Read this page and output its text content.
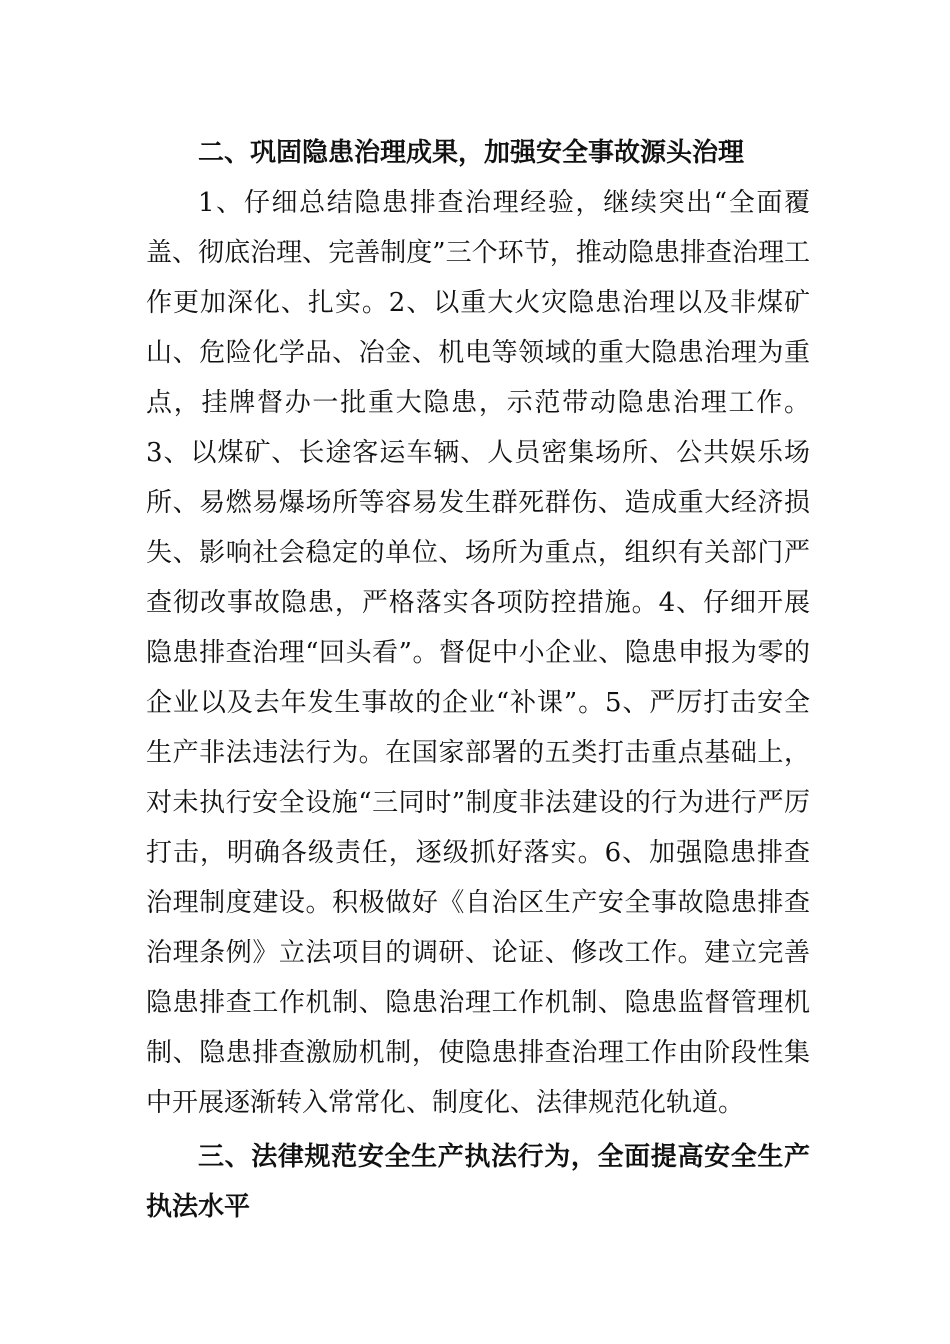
二、巩固隐患治理成果，加强安全事故源头治理

1、仔细总结隐患排查治理经验，继续突出“全面覆盖、彻底治理、完善制度”三个环节，推动隐患排查治理工作更加深化、扎实。2、以重大火灾隐患治理以及非煤矿山、危险化学品、冶金、机电等领域的重大隐患治理为重点，挂牌督办一批重大隐患，示范带动隐患治理工作。3、以煤矿、长途客运车辆、人员密集场所、公共娱乐场所、易燃易爆场所等容易发生群死群伤、造成重大经济损失、影响社会稳定的单位、场所为重点，组织有关部门严查彻改事故隐患，严格落实各项防控措施。4、仔细开展隐患排查治理“回头看”。督促中小企业、隐患申报为零的企业以及去年发生事故的企业“补课”。5、严厉打击安全生产非法违法行为。在国家部署的五类打击重点基础上，对未执行安全设施“三同时”制度非法建设的行为进行严厉打击，明确各级责任，逐级抓好落实。6、加强隐患排查治理制度建设。积极做好《自治区生产安全事故隐患排查治理条例》立法项目的调研、论证、修改工作。建立完善隐患排查工作机制、隐患治理工作机制、隐患监督管理机制、隐患排查激励机制，使隐患排查治理工作由阶段性集中开展逐渐转入常常化、制度化、法律规范化轨道。

三、法律规范安全生产执法行为，全面提高安全生产执法水平
